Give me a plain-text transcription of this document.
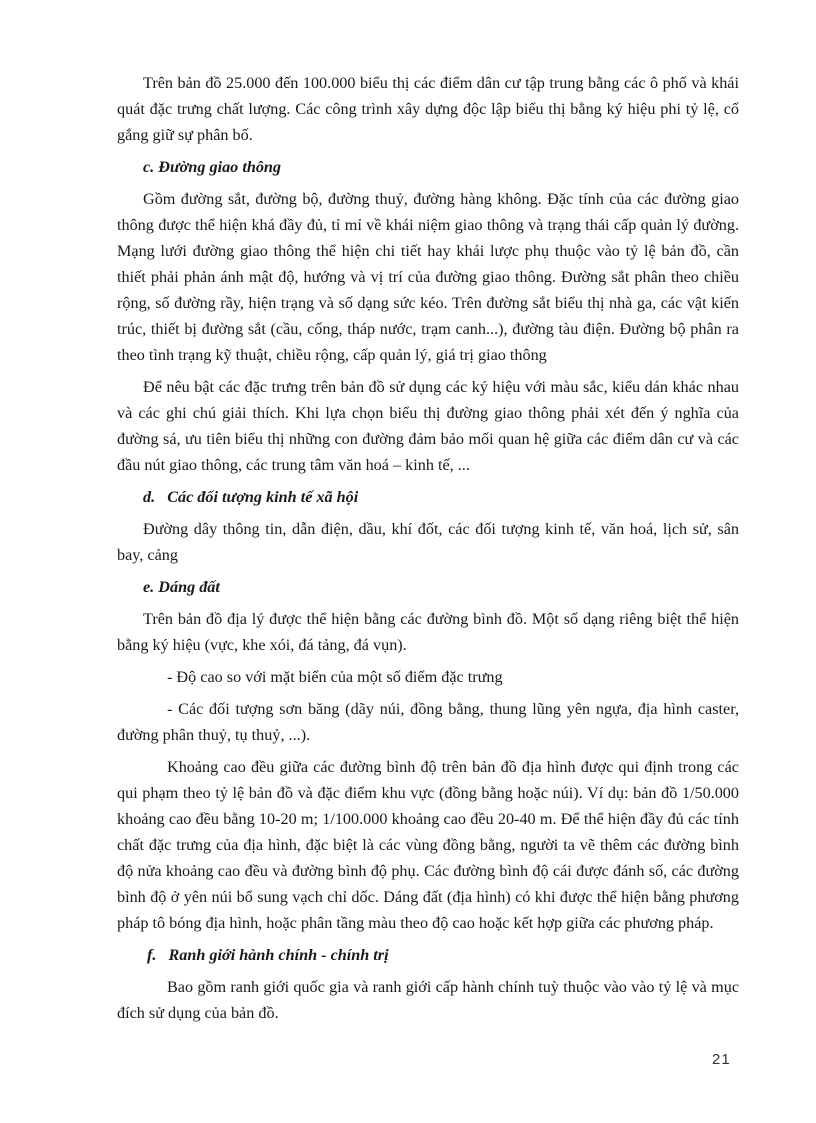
Trên bản đồ 25.000 đến 100.000 biểu thị các điểm dân cư tập trung bằng các ô phố và khái quát đặc trưng chất lượng. Các công trình xây dựng độc lập biểu thị bằng ký hiệu phi tỷ lệ, cố gắng giữ sự phân bố.

c. Đường giao thông

Gồm đường sắt, đường bộ, đường thuỷ, đường hàng không. Đặc tính của các đường giao thông được thể hiện khá đầy đủ, tỉ mỉ về khái niệm giao thông và trạng thái cấp quản lý đường. Mạng lưới đường giao thông thể hiện chi tiết hay khái lược phụ thuộc vào tỷ lệ bản đồ, cần thiết phải phản ánh mật độ, hướng và vị trí của đường giao thông. Đường sắt phân theo chiều rộng, số đường rầy, hiện trạng và số dạng sức kéo. Trên đường sắt biểu thị nhà ga, các vật kiến trúc, thiết bị đường sắt (cầu, cống, tháp nước, trạm canh...), đường tàu điện. Đường bộ phân ra theo tình trạng kỹ thuật, chiều rộng, cấp quản lý, giá trị giao thông

Để nêu bật các đặc trưng trên bản đồ sử dụng các ký hiệu với màu sắc, kiểu dán khác nhau và các ghi chú giải thích. Khi lựa chọn biểu thị đường giao thông phải xét đến ý nghĩa của đường sá, ưu tiên biểu thị những con đường đảm bảo mối quan hệ giữa các điểm dân cư và các đầu nút giao thông, các trung tâm văn hoá – kinh tế, ...

d. Các đối tượng kinh tế xã hội

Đường dây thông tin, dẫn điện, dầu, khí đốt, các đối tượng kinh tế, văn hoá, lịch sử, sân bay, cảng

e. Dáng đất

Trên bản đồ địa lý được thể hiện bằng các đường bình đồ. Một số dạng riêng biệt thể hiện bằng ký hiệu (vực, khe xói, đá tảng, đá vụn).

- Độ cao so với mặt biển của một số điểm đặc trưng

- Các đối tượng sơn băng (dãy núi, đồng bằng, thung lũng yên ngựa, địa hình caster, đường phân thuỷ, tụ thuỷ, ...).

Khoảng cao đều giữa các đường bình độ trên bản đồ địa hình được qui định trong các qui phạm theo tỷ lệ bản đồ và đặc điểm khu vực (đồng bằng hoặc núi). Ví dụ: bản đồ 1/50.000 khoảng cao đều bằng 10-20 m; 1/100.000 khoảng cao đều 20-40 m. Để thể hiện đầy đủ các tính chất đặc trưng của địa hình, đặc biệt là các vùng đồng bằng, người ta vẽ thêm các đường bình độ nửa khoảng cao đều và đường bình độ phụ. Các đường bình độ cái được đánh số, các đường bình độ ở yên núi bổ sung vạch chỉ dốc. Dáng đất (địa hình) có khi được thể hiện bằng phương pháp tô bóng địa hình, hoặc phân tầng màu theo độ cao hoặc kết hợp giữa các phương pháp.

f. Ranh giới hành chính - chính trị

Bao gồm ranh giới quốc gia và ranh giới cấp hành chính tuỳ thuộc vào vào tỷ lệ và mục đích sử dụng của bản đồ.

21
